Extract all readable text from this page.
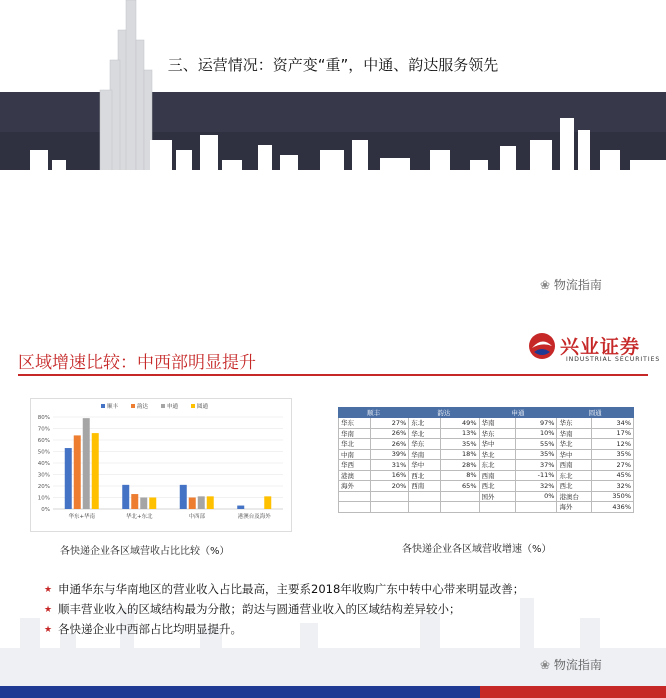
三、运营情况：资产变“重”，中通、韵达服务领先
❀ 物流指南
区域增速比较：中西部明显提升
兴业证券
INDUSTRIAL SECURITIES
0%
10%
20%
30%
40%
50%
60%
70%
80%
顺丰	韵达	申通	圆通
华东+华南	华北+东北	中西部	港澳台及海外
各快递企业各区域营收占比比较（%）
顺丰		韵达		申通		圆通	
华东	27%	东北	49%	华南	97%	华东	34%
华南	26%	华北	13%	华东	10%	华南	17%
华北	26%	华东	35%	华中	55%	华北	12%
中南	39%	华南	18%	华北	35%	华中	35%
华西	31%	华中	28%	东北	37%	西南	27%
港澳	16%	西北	8%	西南	-11%	东北	45%
海外	20%	西南	65%	西北	32%	西北	32%
				国外	0%	港澳台	350%
						海外	436%
各快递企业各区域营收增速（%）
★ 申通华东与华南地区的营业收入占比最高，主要系2018年收购广东中转中心带来明显改善；
★ 顺丰营业收入的区域结构最为分散；韵达与圆通营业收入的区域结构差异较小；
★ 各快递企业中西部占比均明显提升。
❀ 物流指南
